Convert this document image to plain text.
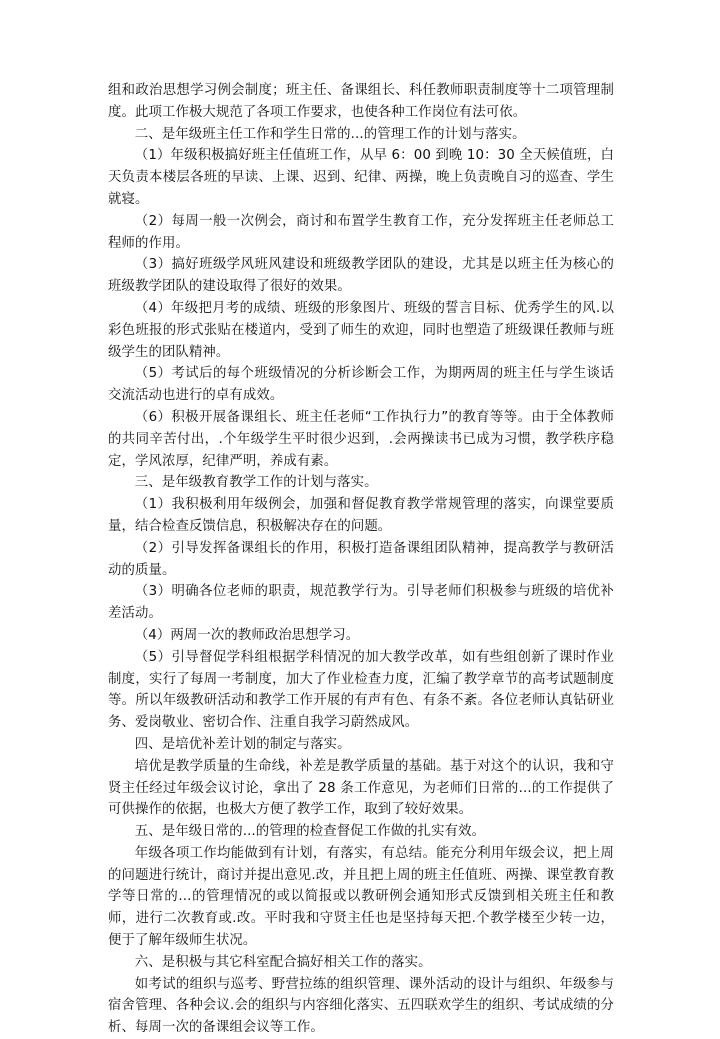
组和政治思想学习例会制度；班主任、备课组长、科任教师职责制度等十二项管理制度。此项工作极大规范了各项工作要求，也使各种工作岗位有法可依。

二、是年级班主任工作和学生日常的...的管理工作的计划与落实。

（1）年级积极搞好班主任值班工作，从早 6：00 到晚 10：30 全天候值班，白天负责本楼层各班的早读、上课、迟到、纪律、两操，晚上负责晚自习的巡查、学生就寝。

（2）每周一般一次例会，商讨和布置学生教育工作，充分发挥班主任老师总工程师的作用。

（3）搞好班级学风班风建设和班级教学团队的建设，尤其是以班主任为核心的班级教学团队的建设取得了很好的效果。

（4）年级把月考的成绩、班级的形象图片、班级的誓言目标、优秀学生的风.以彩色班报的形式张贴在楼道内，受到了师生的欢迎，同时也塑造了班级课任教师与班级学生的团队精神。

（5）考试后的每个班级情况的分析诊断会工作，为期两周的班主任与学生谈话交流活动也进行的卓有成效。

（6）积极开展备课组长、班主任老师“工作执行力”的教育等等。由于全体教师的共同辛苦付出，.个年级学生平时很少迟到，.会两操读书已成为习惯，教学秩序稳定，学风浓厚，纪律严明，养成有素。

三、是年级教育教学工作的计划与落实。

（1）我积极利用年级例会，加强和督促教育教学常规管理的落实，向课堂要质量，结合检查反馈信息，积极解决存在的问题。

（2）引导发挥备课组长的作用，积极打造备课组团队精神，提高教学与教研活动的质量。

（3）明确各位老师的职责，规范教学行为。引导老师们积极参与班级的培优补差活动。

（4）两周一次的教师政治思想学习。

（5）引导督促学科组根据学科情况的加大教学改革，如有些组创新了课时作业制度，实行了每周一考制度，加大了作业检查力度，汇编了教学章节的高考试题制度等。所以年级教研活动和教学工作开展的有声有色、有条不紊。各位老师认真钻研业务、爱岗敬业、密切合作、注重自我学习蔚然成风。

四、是培优补差计划的制定与落实。

培优是教学质量的生命线，补差是教学质量的基础。基于对这个的认识，我和守贤主任经过年级会议讨论，拿出了 28 条工作意见，为老师们日常的...的工作提供了可供操作的依据，也极大方便了教学工作，取到了较好效果。

五、是年级日常的...的管理的检查督促工作做的扎实有效。

年级各项工作均能做到有计划，有落实，有总结。能充分利用年级会议，把上周的问题进行统计，商讨并提出意见.改，并且把上周的班主任值班、两操、课堂教育教学等日常的...的管理情况的或以简报或以教研例会通知形式反馈到相关班主任和教师，进行二次教育或.改。平时我和守贤主任也是坚持每天把.个教学楼至少转一边，便于了解年级师生状况。

六、是积极与其它科室配合搞好相关工作的落实。

如考试的组织与巡考、野营拉练的组织管理、课外活动的设计与组织、年级参与宿舍管理、各种会议.会的组织与内容细化落实、五四联欢学生的组织、考试成绩的分析、每周一次的备课组会议等工作。
